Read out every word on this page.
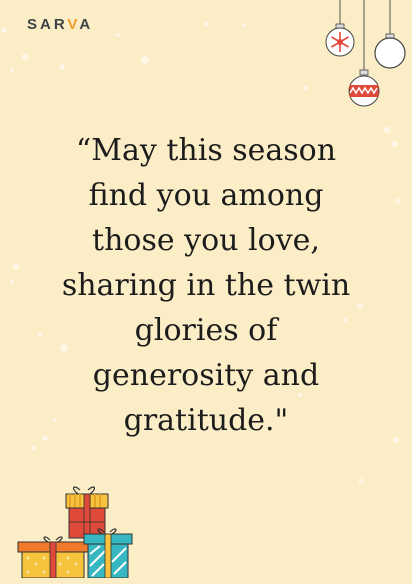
SARVA
“May this season
find you among
those you love,
sharing in the twin
glories of
generosity and
gratitude."
